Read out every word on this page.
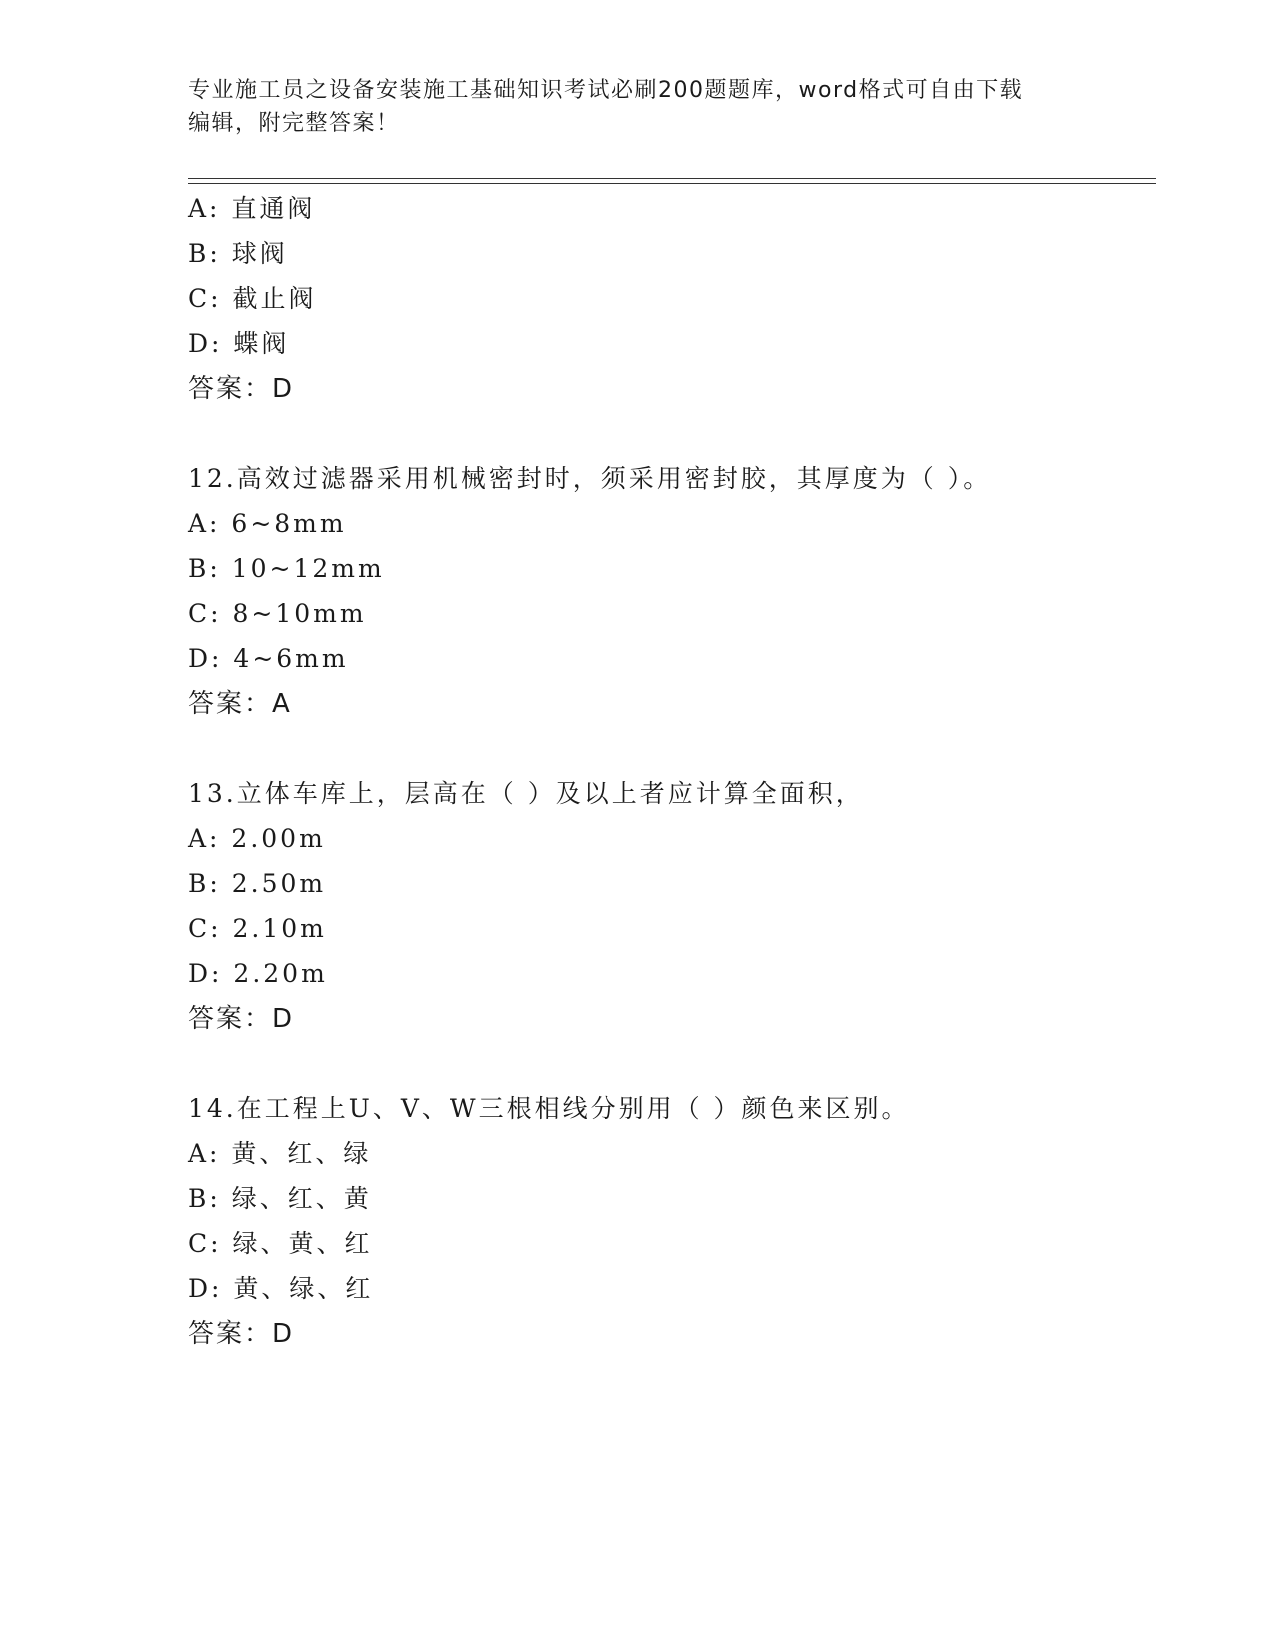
专业施工员之设备安装施工基础知识考试必刷200题题库，word格式可自由下载
编辑，附完整答案！
A: 直通阀
B: 球阀
C: 截止阀
D: 蝶阀
答案：D
12.高效过滤器采用机械密封时，须采用密封胶，其厚度为（ ）。
A: 6~8mm
B: 10~12mm
C: 8~10mm
D: 4~6mm
答案：A
13.立体车库上，层高在（ ）及以上者应计算全面积，
A: 2.00m
B: 2.50m
C: 2.10m
D: 2.20m
答案：D
14.在工程上U、V、W三根相线分别用（ ）颜色来区别。
A: 黄、红、绿
B: 绿、红、黄
C: 绿、黄、红
D: 黄、绿、红
答案：D
